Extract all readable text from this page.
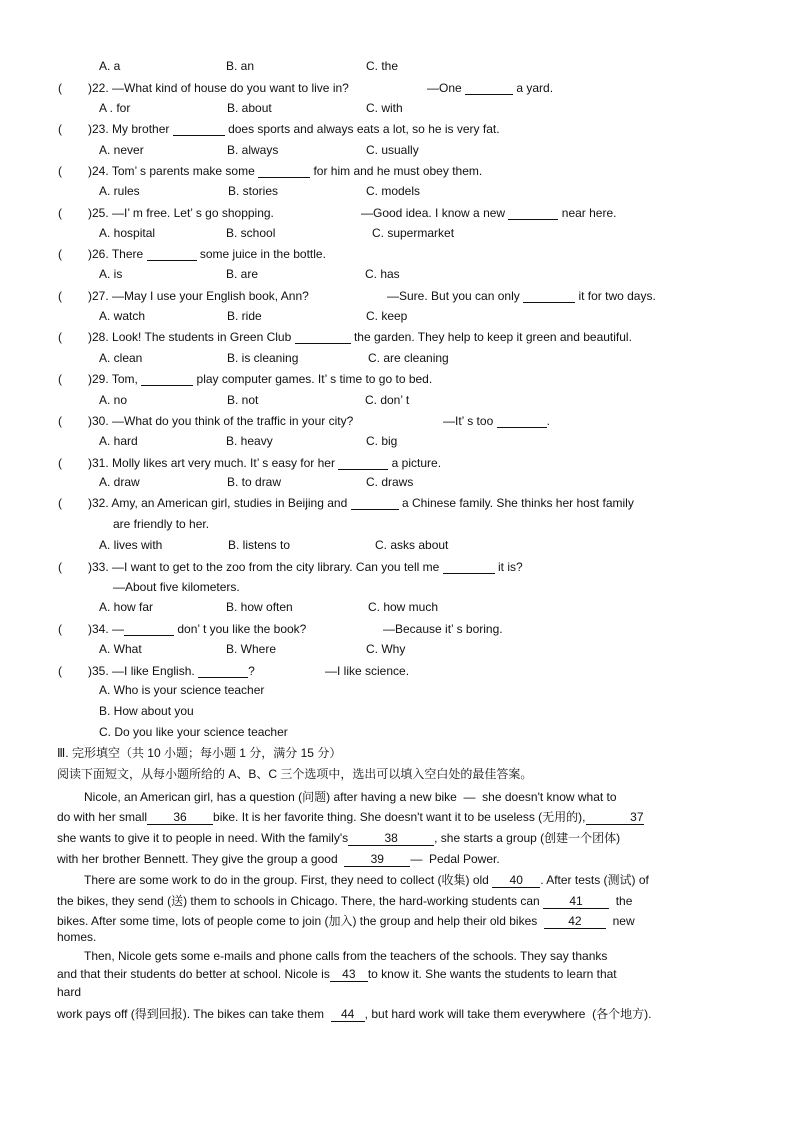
A. a	B. an	C. the
( )22. —What kind of house do you want to live in?	—One	a yard.
A . for	B. about	C. with
( )23. My brother	does sports and always eats a lot, so he is very fat.
A. never	B. always	C. usually
( )24. Tom’ s parents make some	for him and he must obey them.
A. rules	B. stories	C. models
( )25. —I’ m free. Let’ s go shopping.	—Good idea. I know a new	near here.
A. hospital	B. school	C. supermarket
( )26. There	some juice in the bottle.
A. is	B. are	C. has
( )27. —May I use your English book, Ann?	—Sure. But you can only	it for two days.
A. watch	B. ride	C. keep
( )28. Look! The students in Green Club	the garden. They help to keep it green and beautiful.
A. clean	B. is cleaning	C. are cleaning
( )29. Tom,	play computer games. It’ s time to go to bed.
A. no	B. not	C. don’ t
( )30. —What do you think of the traffic in your city?	—It’ s too	.
A. hard	B. heavy	C. big
( )31. Molly likes art very much. It’ s easy for her	a picture.
A. draw	B. to draw	C. draws
( )32. Amy, an American girl, studies in Beijing and	a Chinese family. She thinks her host family
are friendly to her.
A. lives with	B. listens to	C. asks about
( )33. —I want to get to the zoo from the city library. Can you tell me	it is?
—About five kilometers.
A. how far	B. how often	C. how much
( )34. —	don’ t you like the book?	—Because it’ s boring.
A. What	B. Where	C. Why
( )35. —I like English.	?	—I like science.
A. Who is your science teacher
B. How about you
C. Do you like your science teacher
Ⅲ. 完形填空（共 10 小题；每小题 1 分，满分 15 分）
阅读下面短文，从每小题所给的 A、B、C 三个选项中，选出可以填入空白处的最佳答案。
Nicole, an American girl, has a question (问题) after having a new bike  —  she doesn't know what to
do with her small 36 bike. It is her favorite thing. She doesn't want it to be useless (无用的),	37
she wants to give it to people in need. With the family's	38	, she starts a group (创建一个团体)
with her brother Bennett. They give the group a good	39 —  Pedal Power.
There are some work to do in the group. First, they need to collect (收集) old 40 . After tests (测试) of
the bikes, they send (送) them to schools in Chicago. There, the hard-working students can 41	the
bikes. After some time, lots of people come to join (加入) the group and help their old bikes	42	new
homes.
Then, Nicole gets some e-mails and phone calls from the teachers of the schools. They say thanks
and that their students do better at school. Nicole is 43 to know it. She wants the students to learn that
hard
work pays off (得到回报). The bikes can take them 44 , but hard work will take them everywhere  (各个地方).
